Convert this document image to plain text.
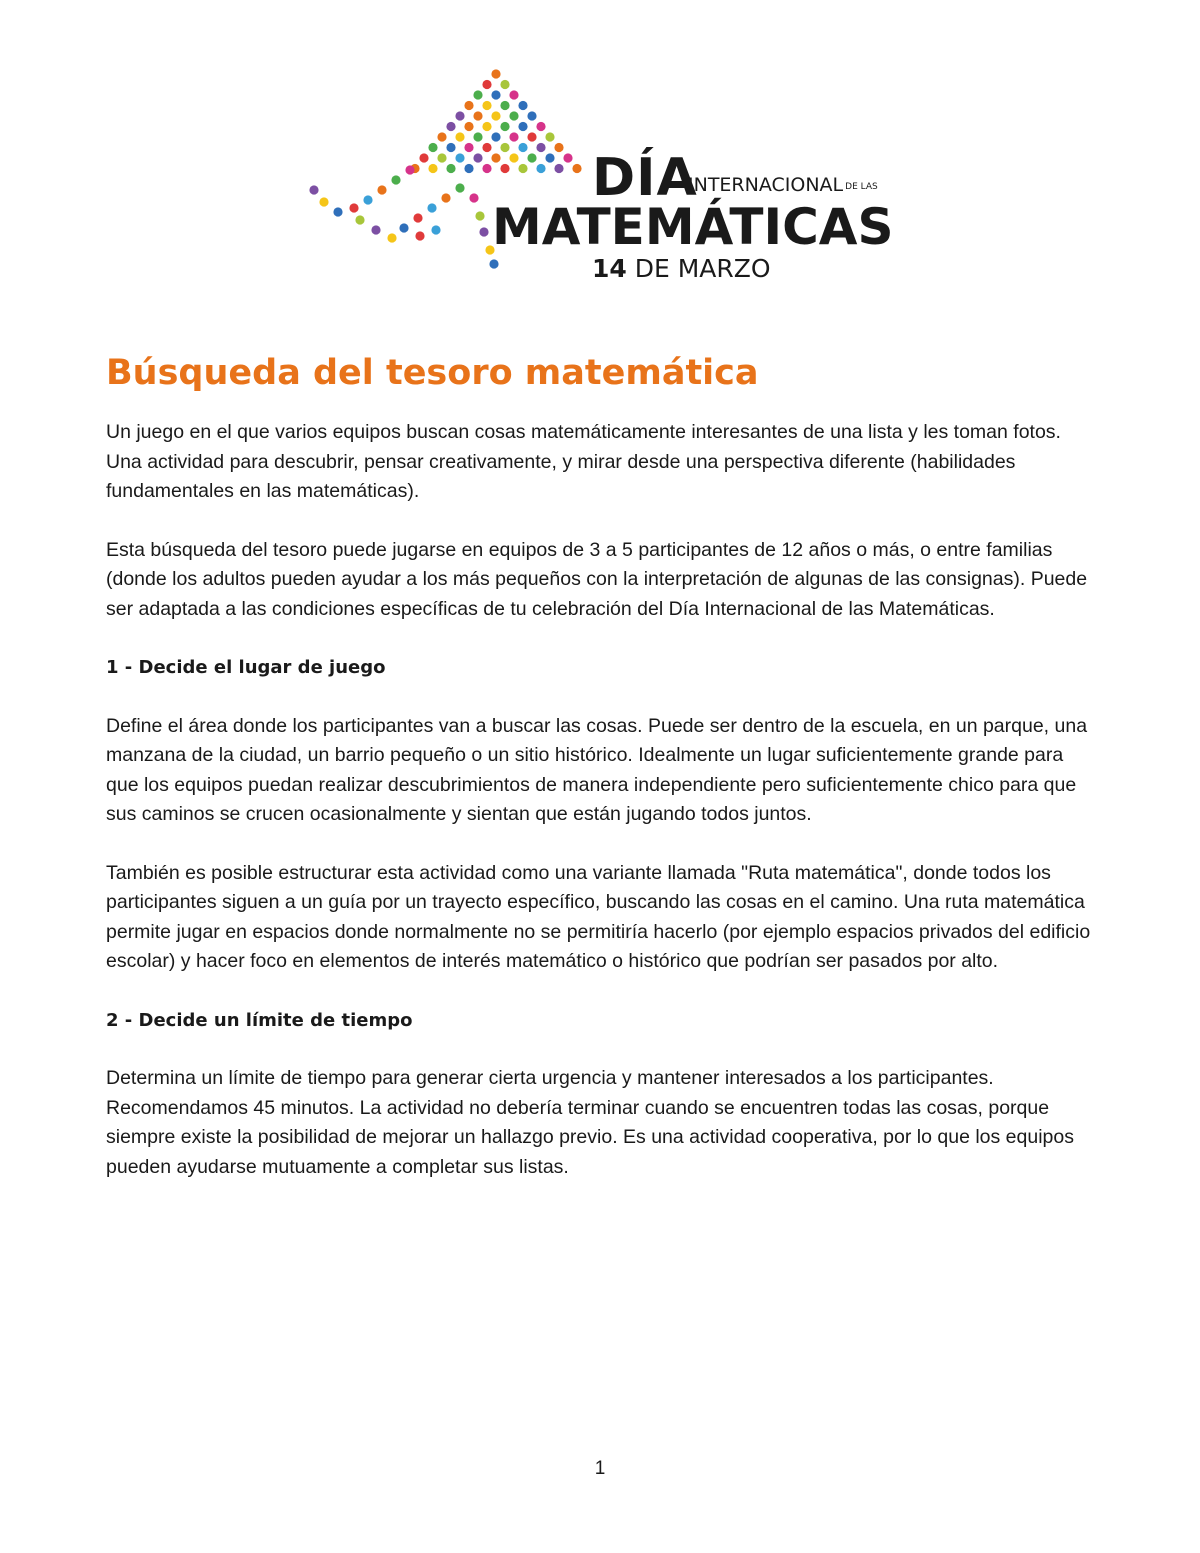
DÍA
INTERNACIONAL DE LAS
MATEMÁTICAS
14 DE MARZO
Búsqueda del tesoro matemática

Un juego en el que varios equipos buscan cosas matemáticamente interesantes de una lista y les toman fotos. Una actividad para descubrir, pensar creativamente, y mirar desde una perspectiva diferente (habilidades fundamentales en las matemáticas).

Esta búsqueda del tesoro puede jugarse en equipos de 3 a 5 participantes de 12 años o más, o entre familias (donde los adultos pueden ayudar a los más pequeños con la interpretación de algunas de las consignas). Puede ser adaptada a las condiciones específicas de tu celebración del Día Internacional de las Matemáticas.

1 - Decide el lugar de juego

Define el área donde los participantes van a buscar las cosas. Puede ser dentro de la escuela, en un parque, una manzana de la ciudad, un barrio pequeño o un sitio histórico. Idealmente un lugar suficientemente grande para que los equipos puedan realizar descubrimientos de manera independiente pero suficientemente chico para que sus caminos se crucen ocasionalmente y sientan que están jugando todos juntos.

También es posible estructurar esta actividad como una variante llamada "Ruta matemática", donde todos los participantes siguen a un guía por un trayecto específico, buscando las cosas en el camino. Una ruta matemática permite jugar en espacios donde normalmente no se permitiría hacerlo (por ejemplo espacios privados del edificio escolar) y hacer foco en elementos de interés matemático o histórico que podrían ser pasados por alto.

2 - Decide un límite de tiempo

Determina un límite de tiempo para generar cierta urgencia y mantener interesados a los participantes. Recomendamos 45 minutos. La actividad no debería terminar cuando se encuentren todas las cosas, porque siempre existe la posibilidad de mejorar un hallazgo previo. Es una actividad cooperativa, por lo que los equipos pueden ayudarse mutuamente a completar sus listas.

1
